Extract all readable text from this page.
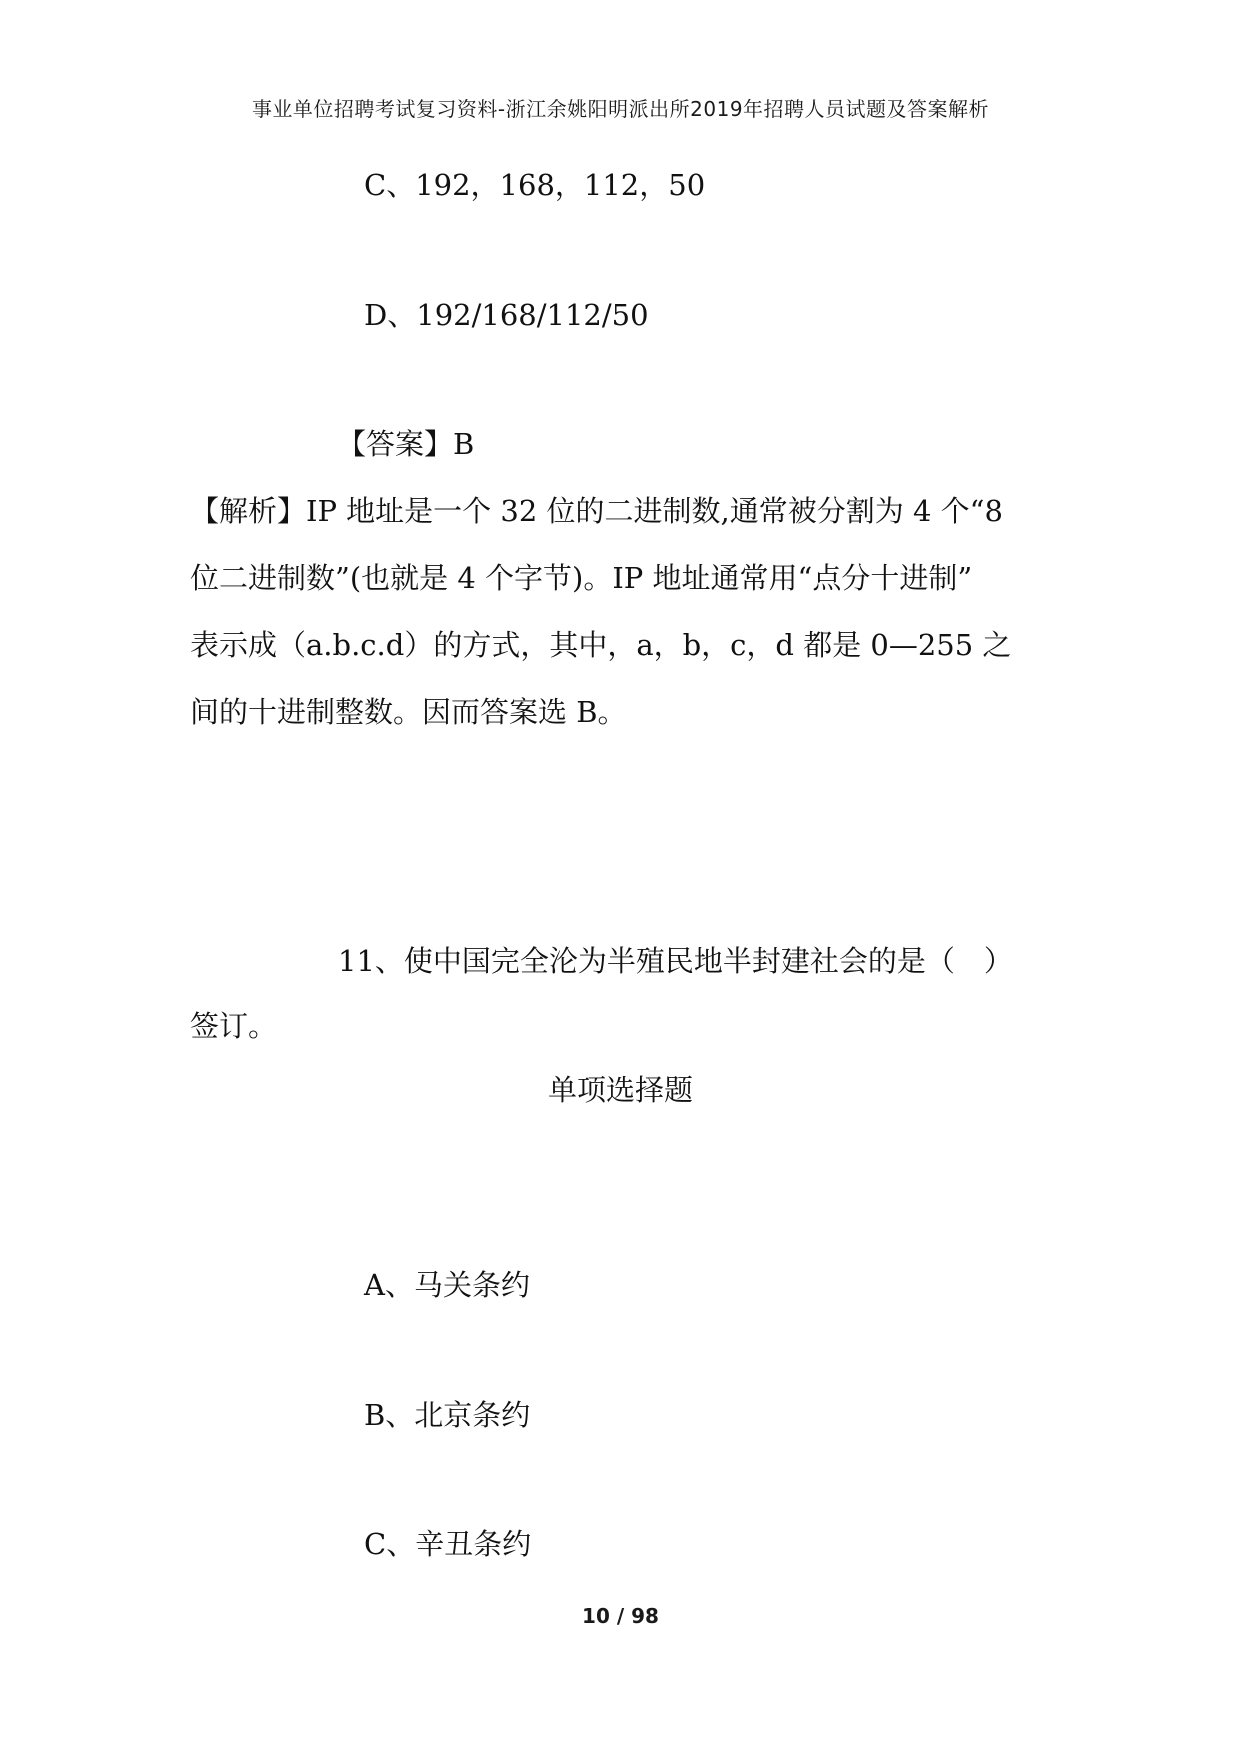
事业单位招聘考试复习资料-浙江余姚阳明派出所2019年招聘人员试题及答案解析
C、192，168，112，50
D、192/168/112/50
【答案】B
【解析】IP 地址是一个 32 位的二进制数,通常被分割为 4 个“8
位二进制数”(也就是 4 个字节)。IP 地址通常用“点分十进制”
表示成（a.b.c.d）的方式，其中，a，b，c，d 都是 0—255 之
间的十进制整数。因而答案选 B。
11、使中国完全沦为半殖民地半封建社会的是（　）
签订。
单项选择题
A、马关条约
B、北京条约
C、辛丑条约
10 / 98
